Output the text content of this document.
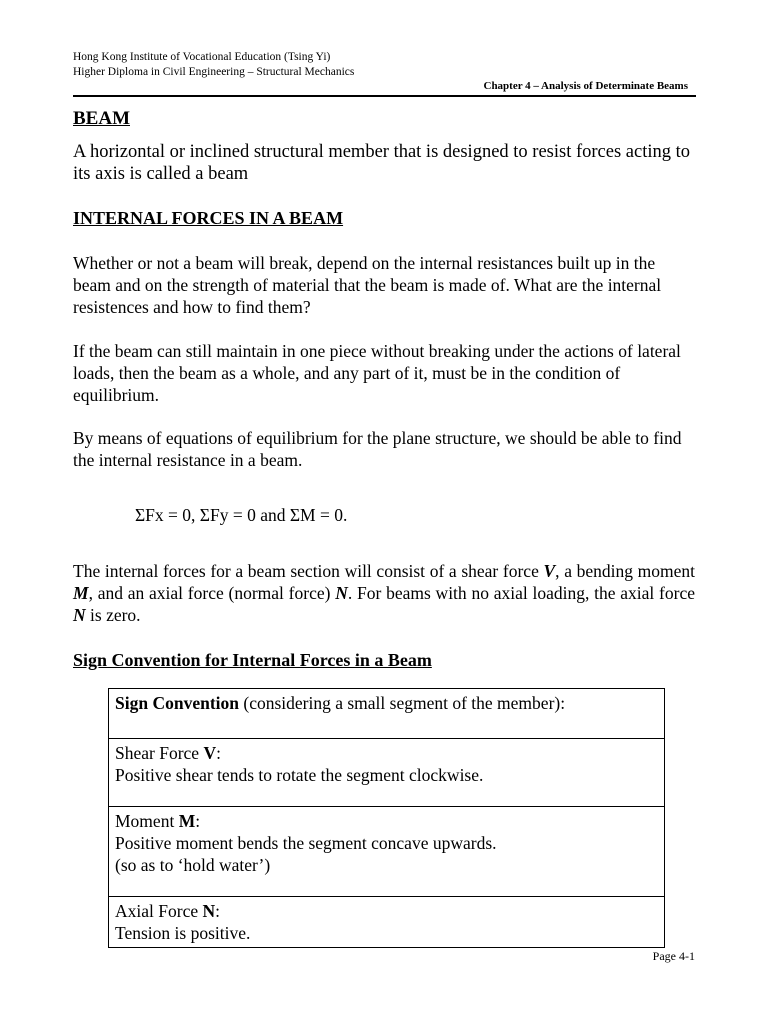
Hong Kong Institute of Vocational Education (Tsing Yi)
Higher Diploma in Civil Engineering – Structural Mechanics
Chapter 4 – Analysis of Determinate Beams
BEAM
A horizontal or inclined structural member that is designed to resist forces acting to its axis is called a beam
INTERNAL FORCES IN A BEAM
Whether or not a beam will break, depend on the internal resistances built up in the beam and on the strength of material that the beam is made of. What are the internal resistences and how to find them?
If the beam can still maintain in one piece without breaking under the actions of lateral loads, then the beam as a whole, and any part of it, must be in the condition of equilibrium.
By means of equations of equilibrium for the plane structure, we should be able to find the internal resistance in a beam.
ΣFx = 0, ΣFy = 0 and ΣM = 0.
The internal forces for a beam section will consist of a shear force V, a bending moment M, and an axial force (normal force) N. For beams with no axial loading, the axial force N is zero.
Sign Convention for Internal Forces in a Beam
Sign Convention (considering a small segment of the member):

Shear Force V:
Positive shear tends to rotate the segment clockwise.

Moment M:
Positive moment bends the segment concave upwards.
(so as to ‘hold water’)

Axial Force N:
Tension is positive.
Page 4-1
